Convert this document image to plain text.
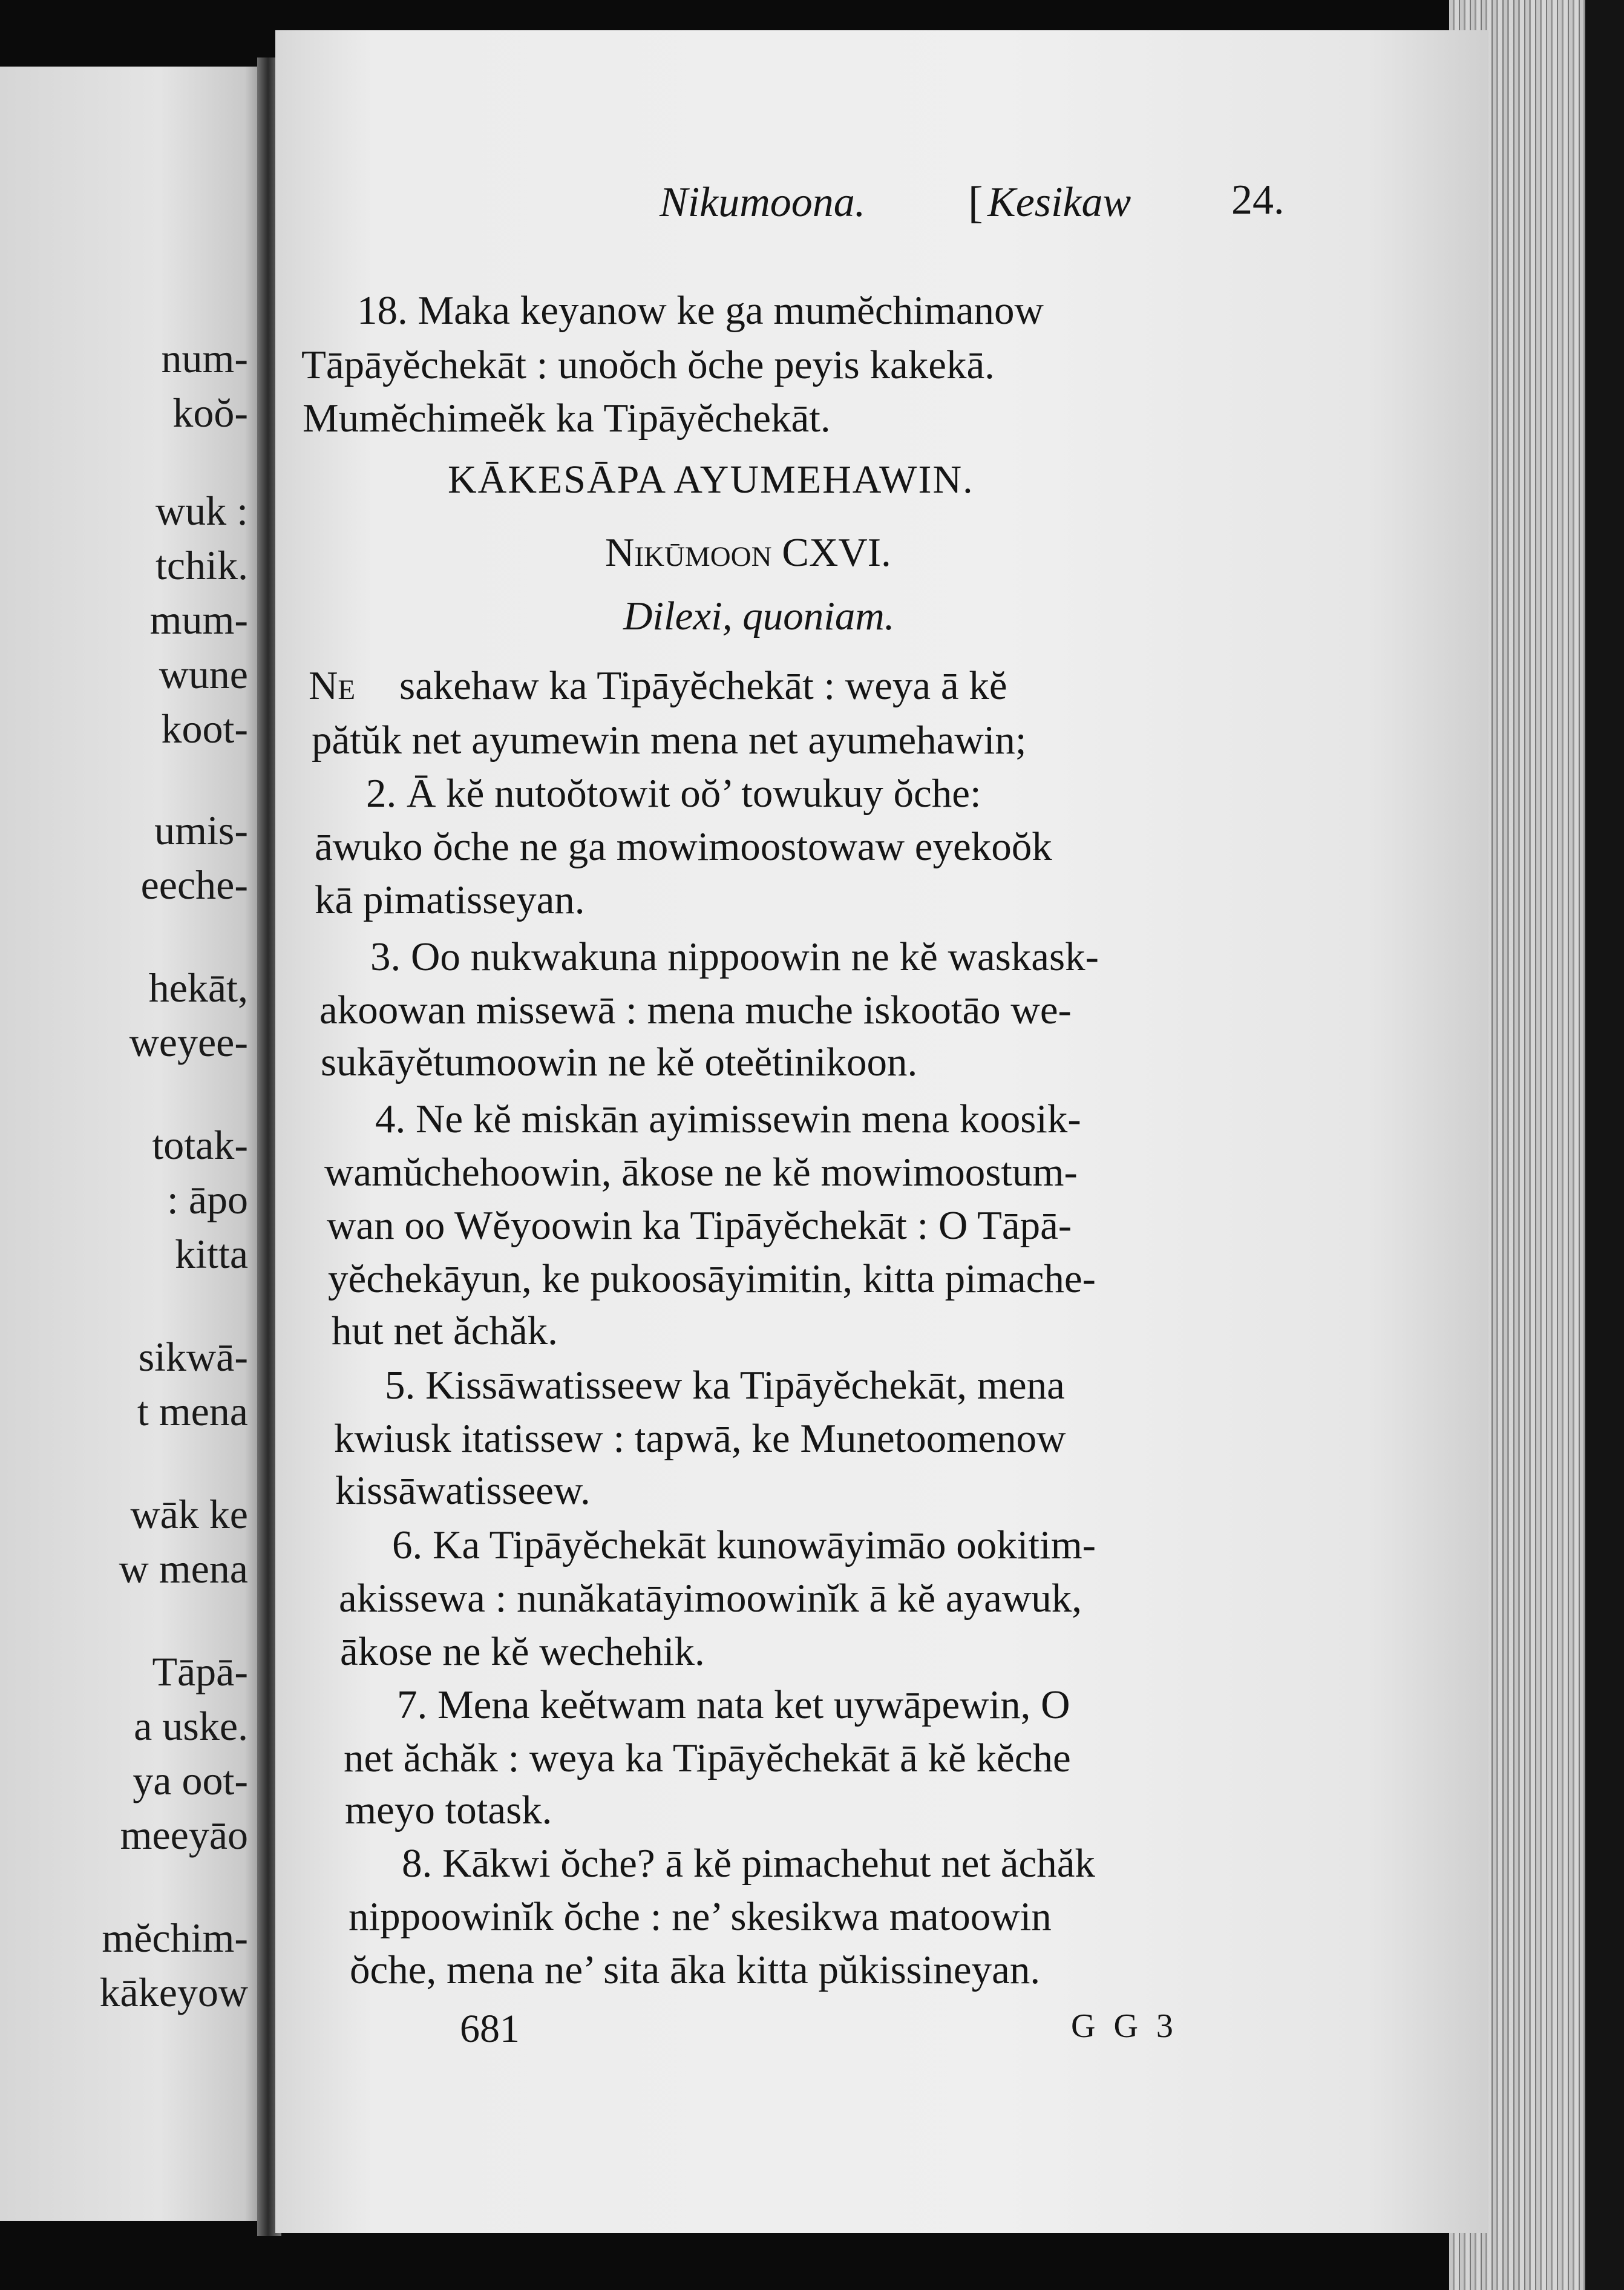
num-
koŏ-
wuk :
tchik.
mum-
wune
koot-
umis-
eeche-
hekāt,
weyee-
totak-
: āpo
kitta
sikwā-
t mena
wāk ke
w mena
Tāpā-
a uske.
ya oot-
meeyāo
mĕchim-
kākeyow
Nikumoona. [ Kesikaw 24.
18. Maka keyanow ke ga mumĕchimanow
Tāpāyĕchekāt : unoŏch ŏche peyis kakekā.
Mumĕchimeĕk ka Tipāyĕchekāt.
KĀKESĀPA AYUMEHAWIN.
Nikūmoon CXVI.
Dilexi, quoniam.
Ne sakehaw ka Tipāyĕchekāt : weya ā kĕ
pătŭk net ayumewin mena net ayumehawin;
2. Ā kĕ nutoŏtowit oŏ’ towukuy ŏche:
āwuko ŏche ne ga mowimoostowaw eyekoŏk
kā pimatisseyan.
3. Oo nukwakuna nippoowin ne kĕ waskask-
akoowan missewā : mena muche iskootāo we-
sukāyĕtumoowin ne kĕ oteĕtinikoon.
4. Ne kĕ miskān ayimissewin mena koosik-
wamŭchehoowin, ākose ne kĕ mowimoostum-
wan oo Wĕyoowin ka Tipāyĕchekāt : O Tāpā-
yĕchekāyun, ke pukoosāyimitin, kitta pimache-
hut net ăchăk.
5. Kissāwatisseew ka Tipāyĕchekāt, mena
kwiusk itatissew : tapwā, ke Munetoomenow
kissāwatisseew.
6. Ka Tipāyĕchekāt kunowāyimāo ookitim-
akissewa : nunăkatāyimoowinĭk ā kĕ ayawuk,
ākose ne kĕ wechehik.
7. Mena keĕtwam nata ket uywāpewin, O
net ăchăk : weya ka Tipāyĕchekāt ā kĕ kĕche
meyo totask.
8. Kākwi ŏche? ā kĕ pimachehut net ăchăk
nippoowinĭk ŏche : ne’ skesikwa matoowin
ŏche, mena ne’ sita āka kitta pŭkissineyan.
681	G G 3
